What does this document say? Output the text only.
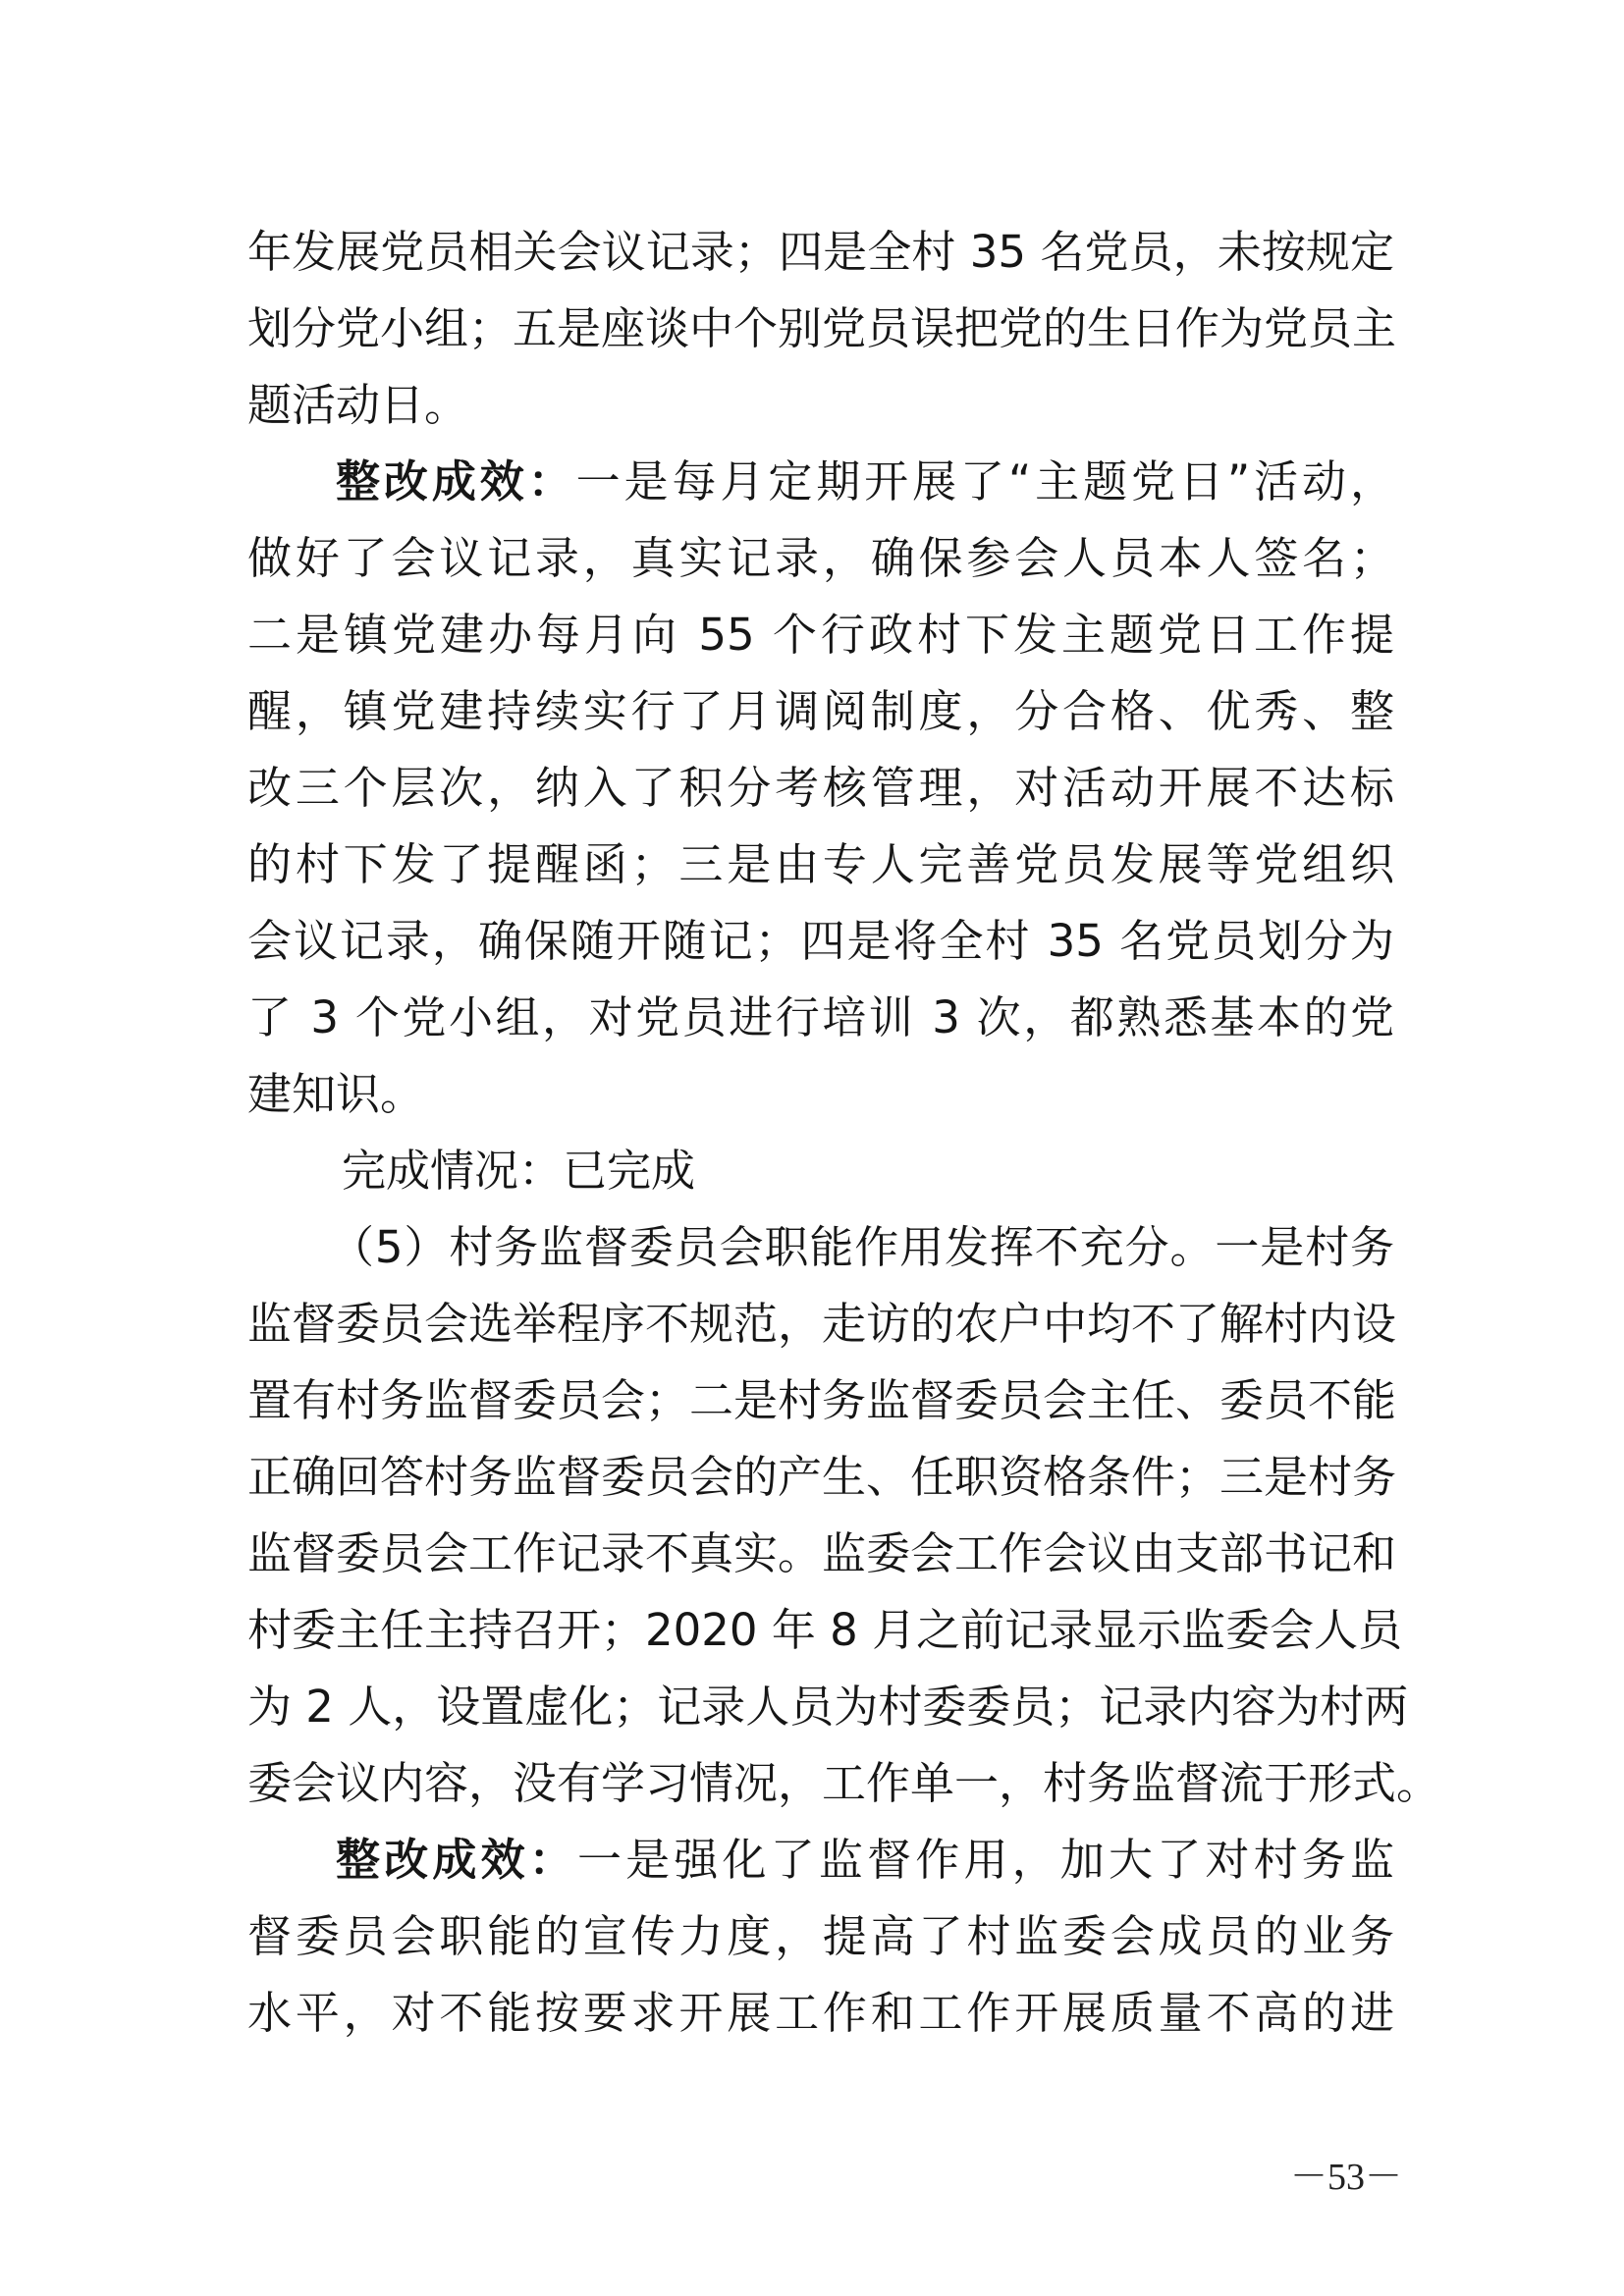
年发展党员相关会议记录；四是全村 35 名党员，未按规定

划分党小组；五是座谈中个别党员误把党的生日作为党员主

题活动日。

整改成效：一是每月定期开展了“主题党日”活动，

做好了会议记录，真实记录，确保参会人员本人签名；

二是镇党建办每月向 55 个行政村下发主题党日工作提

醒，镇党建持续实行了月调阅制度，分合格、优秀、整

改三个层次，纳入了积分考核管理，对活动开展不达标

的村下发了提醒函；三是由专人完善党员发展等党组织

会议记录，确保随开随记；四是将全村 35 名党员划分为

了 3 个党小组，对党员进行培训 3 次，都熟悉基本的党

建知识。

完成情况：已完成

（5）村务监督委员会职能作用发挥不充分。一是村务

监督委员会选举程序不规范，走访的农户中均不了解村内设

置有村务监督委员会；二是村务监督委员会主任、委员不能

正确回答村务监督委员会的产生、任职资格条件；三是村务

监督委员会工作记录不真实。监委会工作会议由支部书记和

村委主任主持召开；2020 年 8 月之前记录显示监委会人员

为 2 人，设置虚化；记录人员为村委委员；记录内容为村两

委会议内容，没有学习情况，工作单一，村务监督流于形式。

整改成效：一是强化了监督作用，加大了对村务监

督委员会职能的宣传力度，提高了村监委会成员的业务

水平，对不能按要求开展工作和工作开展质量不高的进

－53－
